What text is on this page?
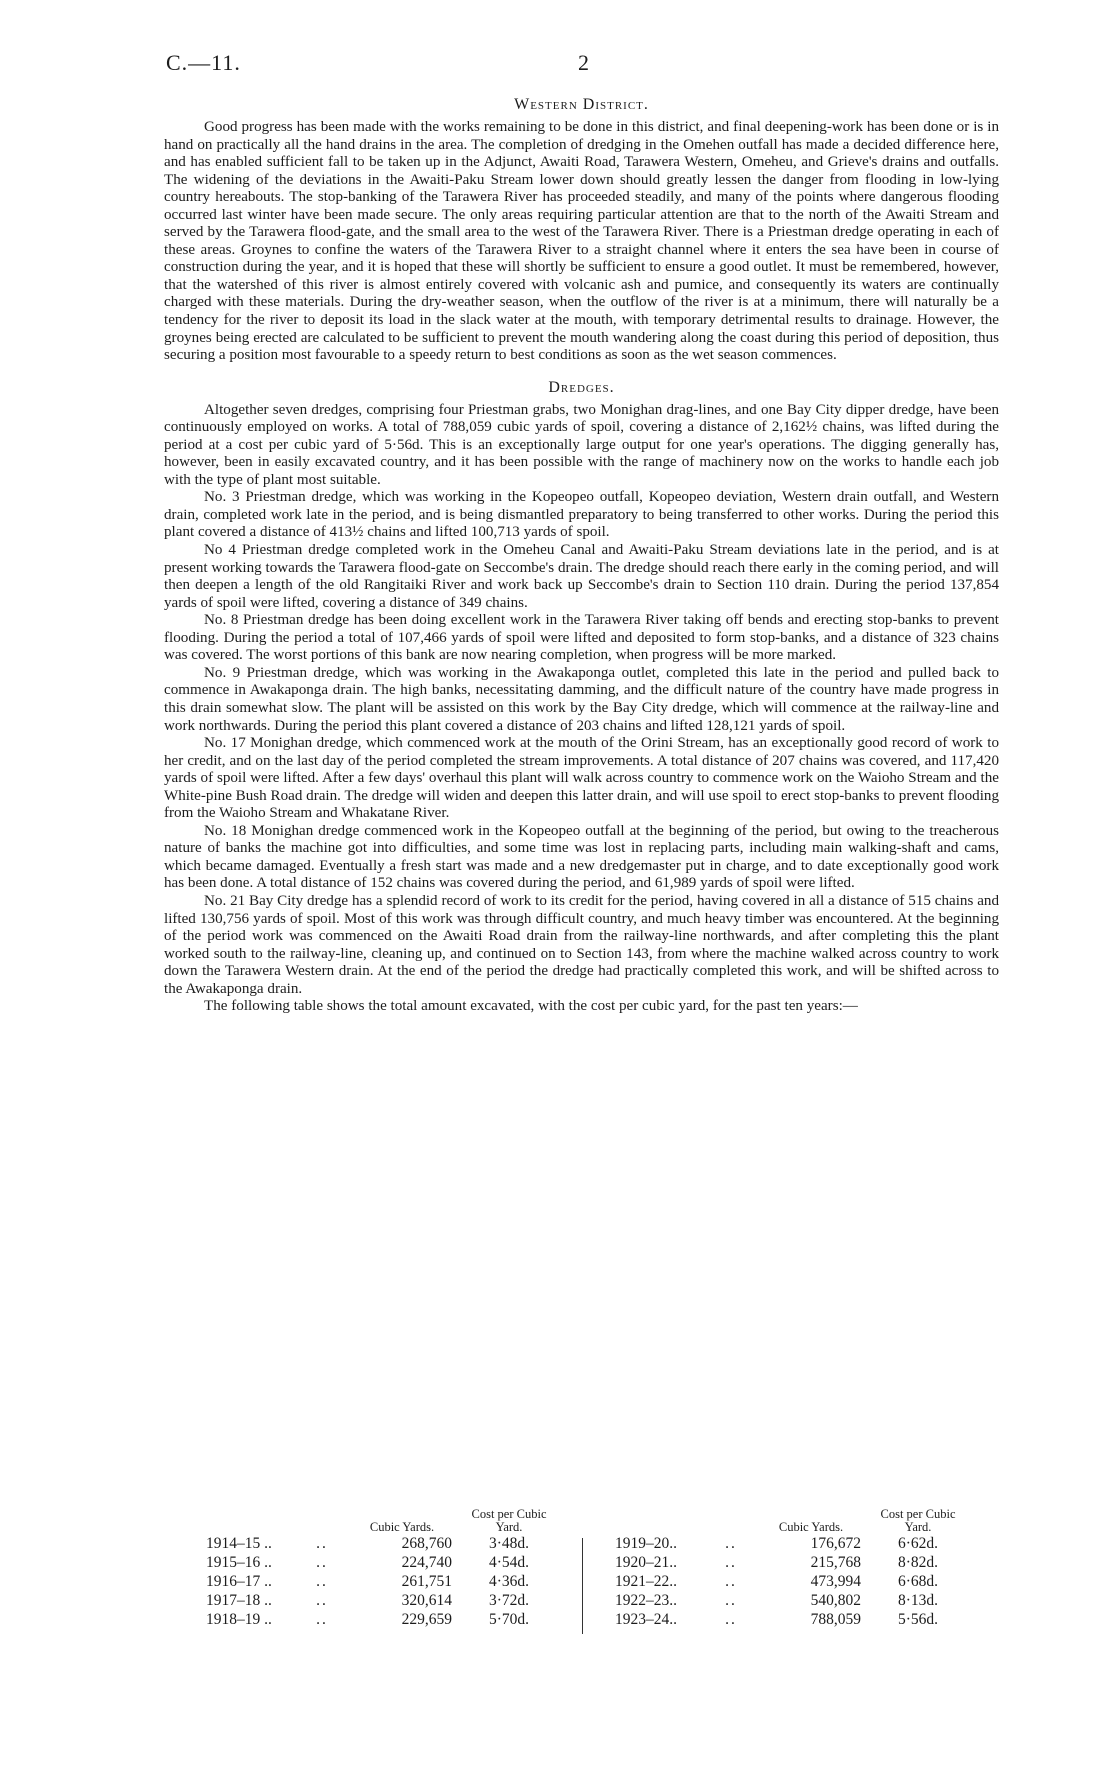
C.—11.	2
Western District.

Good progress has been made with the works remaining to be done in this district, and final deepening-work has been done or is in hand on practically all the hand drains in the area. The completion of dredging in the Omehen outfall has made a decided difference here, and has enabled sufficient fall to be taken up in the Adjunct, Awaiti Road, Tarawera Western, Omeheu, and Grieve's drains and outfalls. The widening of the deviations in the Awaiti-Paku Stream lower down should greatly lessen the danger from flooding in low-lying country hereabouts. The stop-banking of the Tarawera River has proceeded steadily, and many of the points where dangerous flooding occurred last winter have been made secure. The only areas requiring particular attention are that to the north of the Awaiti Stream and served by the Tarawera flood-gate, and the small area to the west of the Tarawera River. There is a Priestman dredge operating in each of these areas. Groynes to confine the waters of the Tarawera River to a straight channel where it enters the sea have been in course of construction during the year, and it is hoped that these will shortly be sufficient to ensure a good outlet. It must be remembered, however, that the watershed of this river is almost entirely covered with volcanic ash and pumice, and consequently its waters are continually charged with these materials. During the dry-weather season, when the outflow of the river is at a minimum, there will naturally be a tendency for the river to deposit its load in the slack water at the mouth, with temporary detrimental results to drainage. However, the groynes being erected are calculated to be sufficient to prevent the mouth wandering along the coast during this period of deposition, thus securing a position most favourable to a speedy return to best conditions as soon as the wet season commences.

Dredges.

Altogether seven dredges, comprising four Priestman grabs, two Monighan drag-lines, and one Bay City dipper dredge, have been continuously employed on works. A total of 788,059 cubic yards of spoil, covering a distance of 2,162½ chains, was lifted during the period at a cost per cubic yard of 5·56d. This is an exceptionally large output for one year's operations. The digging generally has, however, been in easily excavated country, and it has been possible with the range of machinery now on the works to handle each job with the type of plant most suitable.

No. 3 Priestman dredge, which was working in the Kopeopeo outfall, Kopeopeo deviation, Western drain outfall, and Western drain, completed work late in the period, and is being dismantled preparatory to being transferred to other works. During the period this plant covered a distance of 413½ chains and lifted 100,713 yards of spoil.

No 4 Priestman dredge completed work in the Omeheu Canal and Awaiti-Paku Stream deviations late in the period, and is at present working towards the Tarawera flood-gate on Seccombe's drain. The dredge should reach there early in the coming period, and will then deepen a length of the old Rangitaiki River and work back up Seccombe's drain to Section 110 drain. During the period 137,854 yards of spoil were lifted, covering a distance of 349 chains.

No. 8 Priestman dredge has been doing excellent work in the Tarawera River taking off bends and erecting stop-banks to prevent flooding. During the period a total of 107,466 yards of spoil were lifted and deposited to form stop-banks, and a distance of 323 chains was covered. The worst portions of this bank are now nearing completion, when progress will be more marked.

No. 9 Priestman dredge, which was working in the Awakaponga outlet, completed this late in the period and pulled back to commence in Awakaponga drain. The high banks, necessitating damming, and the difficult nature of the country have made progress in this drain somewhat slow. The plant will be assisted on this work by the Bay City dredge, which will commence at the railway-line and work northwards. During the period this plant covered a distance of 203 chains and lifted 128,121 yards of spoil.

No. 17 Monighan dredge, which commenced work at the mouth of the Orini Stream, has an exceptionally good record of work to her credit, and on the last day of the period completed the stream improvements. A total distance of 207 chains was covered, and 117,420 yards of spoil were lifted. After a few days' overhaul this plant will walk across country to commence work on the Waioho Stream and the White-pine Bush Road drain. The dredge will widen and deepen this latter drain, and will use spoil to erect stop-banks to prevent flooding from the Waioho Stream and Whakatane River.

No. 18 Monighan dredge commenced work in the Kopeopeo outfall at the beginning of the period, but owing to the treacherous nature of banks the machine got into difficulties, and some time was lost in replacing parts, including main walking-shaft and cams, which became damaged. Eventually a fresh start was made and a new dredgemaster put in charge, and to date exceptionally good work has been done. A total distance of 152 chains was covered during the period, and 61,989 yards of spoil were lifted.

No. 21 Bay City dredge has a splendid record of work to its credit for the period, having covered in all a distance of 515 chains and lifted 130,756 yards of spoil. Most of this work was through difficult country, and much heavy timber was encountered. At the beginning of the period work was commenced on the Awaiti Road drain from the railway-line northwards, and after completing this the plant worked south to the railway-line, cleaning up, and continued on to Section 143, from where the machine walked across country to work down the Tarawera Western drain. At the end of the period the dredge had practically completed this work, and will be shifted across to the Awakaponga drain.

The following table shows the total amount excavated, with the cost per cubic yard, for the past ten years:—

		Cubic Yards.	Cost per Cubic Yard.
1914–15 ..	..	268,760	3·48d.
1915–16 ..	..	224,740	4·54d.
1916–17 ..	..	261,751	4·36d.
1917–18 ..	..	320,614	3·72d.
1918–19 ..	..	229,659	5·70d.
		Cubic Yards.	Cost per Cubic Yard.
1919–20..	..	176,672	6·62d.
1920–21..	..	215,768	8·82d.
1921–22..	..	473,994	6·68d.
1922–23..	..	540,802	8·13d.
1923–24..	..	788,059	5·56d.
